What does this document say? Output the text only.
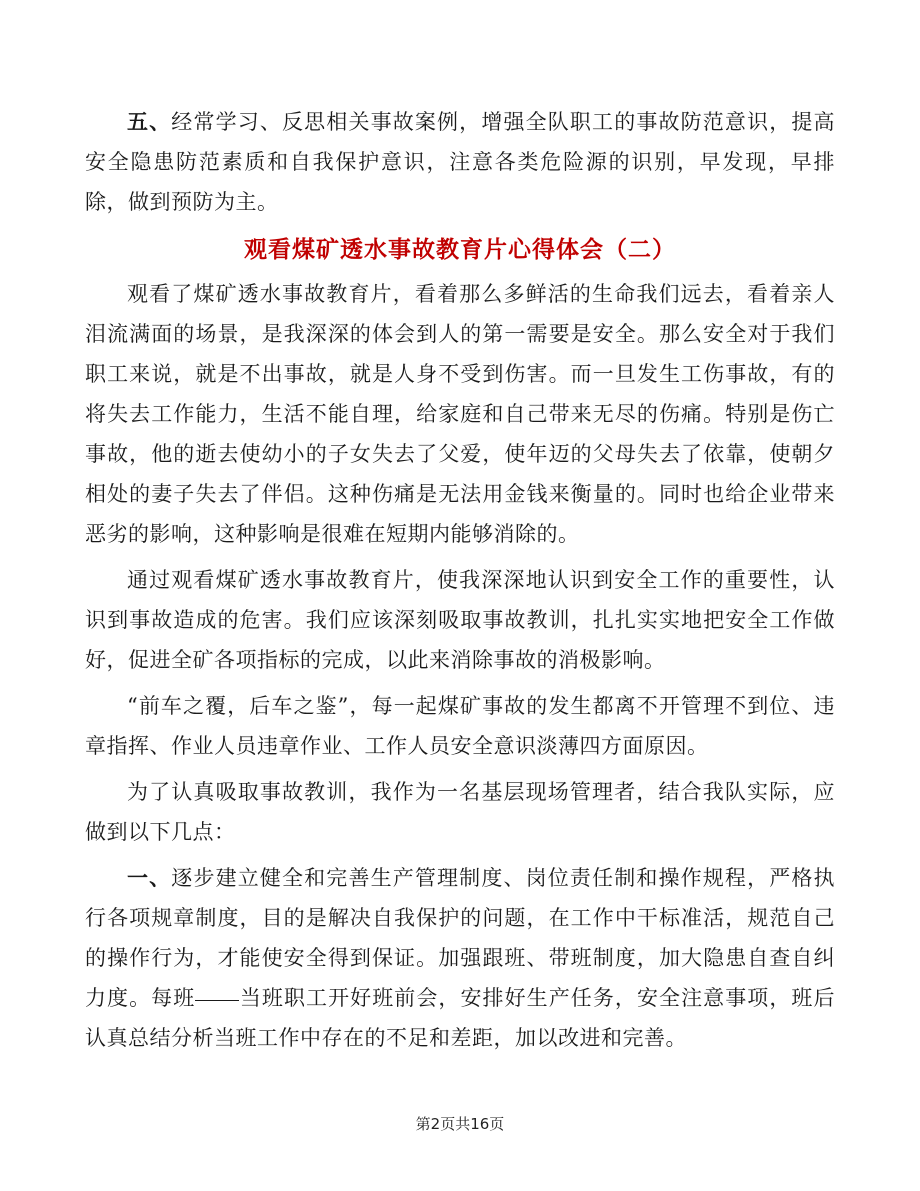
五、经常学习、反思相关事故案例，增强全队职工的事故防范意识，提高安全隐患防范素质和自我保护意识，注意各类危险源的识别，早发现，早排除，做到预防为主。

观看煤矿透水事故教育片心得体会（二）

观看了煤矿透水事故教育片，看着那么多鲜活的生命我们远去，看着亲人泪流满面的场景，是我深深的体会到人的第一需要是安全。那么安全对于我们职工来说，就是不出事故，就是人身不受到伤害。而一旦发生工伤事故，有的将失去工作能力，生活不能自理，给家庭和自己带来无尽的伤痛。特别是伤亡事故，他的逝去使幼小的子女失去了父爱，使年迈的父母失去了依靠，使朝夕相处的妻子失去了伴侣。这种伤痛是无法用金钱来衡量的。同时也给企业带来恶劣的影响，这种影响是很难在短期内能够消除的。

通过观看煤矿透水事故教育片，使我深深地认识到安全工作的重要性，认识到事故造成的危害。我们应该深刻吸取事故教训，扎扎实实地把安全工作做好，促进全矿各项指标的完成，以此来消除事故的消极影响。

“前车之覆，后车之鉴”，每一起煤矿事故的发生都离不开管理不到位、违章指挥、作业人员违章作业、工作人员安全意识淡薄四方面原因。

为了认真吸取事故教训，我作为一名基层现场管理者，结合我队实际，应做到以下几点：

一、逐步建立健全和完善生产管理制度、岗位责任制和操作规程，严格执行各项规章制度，目的是解决自我保护的问题，在工作中干标准活，规范自己的操作行为，才能使安全得到保证。加强跟班、带班制度，加大隐患自查自纠力度。每班 当班职工开好班前会，安排好生产任务，安全注意事项，班后认真总结分析当班工作中存在的不足和差距，加以改进和完善。

第2页共16页
